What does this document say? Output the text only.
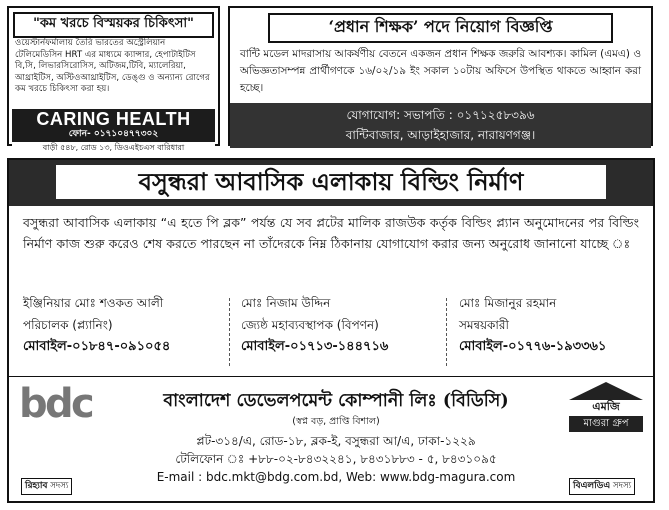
"কম খরচে বিস্ময়কর চিকিৎসা"
ওয়েস্টার্নফর্মালায় তৈরি ভারতের অস্ট্রেলিয়ান টেলিমেডিসিন HRT এর মাধ্যমে ক্যান্সার, হেপাটাইটিস বি,সি, লিভারসিরোসিস, অটিজম,টিবি, ম্যালেরিয়া, আথ্রাইটিস, অস্টিওআথ্রাইটিস, ডেঙ্গু ও অন্যান্য রোগের কম খরচে চিকিৎসা করা হয়।
CARING HEALTH
ফোন- ০১৭১০৪৭৭৩০২
বাড়ী ৫৪৮, রোড ১৩, ডিওএইচএস বারিধারা
‘প্রধান শিক্ষক’ পদে নিয়োগ বিজ্ঞপ্তি
বান্টি মডেল মাদরাসায় আকর্ষণীয় বেতনে একজন প্রধান শিক্ষক জরুরি আবশ্যক। কামিল (এমএ) ও অভিজ্ঞতাসম্পন্ন প্রার্থীগণকে ১৬/০২/১৯ ইং সকাল ১০টায় অফিসে উপস্থিত থাকতে আহ্বান করা হচ্ছে।
যোগাযোগ: সভাপতি : ০১৭১২৫৮৩৯৬
বান্টিবাজার, আড়াইহাজার, নারায়ণগঞ্জ।
বসুন্ধরা আবাসিক এলাকায় বিল্ডিং নির্মাণ
বসুন্ধরা আবাসিক এলাকায় “এ হতে পি ব্লক” পর্যন্ত যে সব প্লটের মালিক রাজউক কর্তৃক বিল্ডিং প্ল্যান অনুমোদনের পর বিল্ডিং নির্মাণ কাজ শুরু করেও শেষ করতে পারছেন না তাঁদেরকে নিম্ন ঠিকানায় যোগাযোগ করার জন্য অনুরোধ জানানো যাচ্ছে ঃ
ইঞ্জিনিয়ার মোঃ শওকত আলী
পরিচালক (প্ল্যানিং)
মোবাইল-০১৮৪৭-০৯১০৫৪
মোঃ নিজাম উদ্দিন
জ্যেষ্ঠ মহাব্যবস্থাপক (বিপণন)
মোবাইল-০১৭১৩-১৪৪৭১৬
মোঃ মিজানুর রহমান
সমন্বয়কারী
মোবাইল-০১৭৭৬-১৯৩৩৬১
b
d
c	বাংলাদেশ ডেভেলপমেন্ট কোম্পানী লিঃ (বিডিসি)
(স্বপ্ন বড়, প্রাপ্তি বিশাল)
প্লট-৩১৪/এ, রোড-১৮, ব্লক-ই, বসুন্ধরা আ/এ, ঢাকা-১২২৯
টেলিফোন ঃ +৮৮-০২-৮৪৩২২৪১, ৮৪৩১৮৮৩ - ৫, ৮৪৩১০৯৫
E-mail : bdc.mkt@bdg.com.bd, Web: www.bdg-magura.com
এমজি
মাগুরা গ্রুপ
রিহ্যাব সদস্য	বিএলডিএ সদস্য
